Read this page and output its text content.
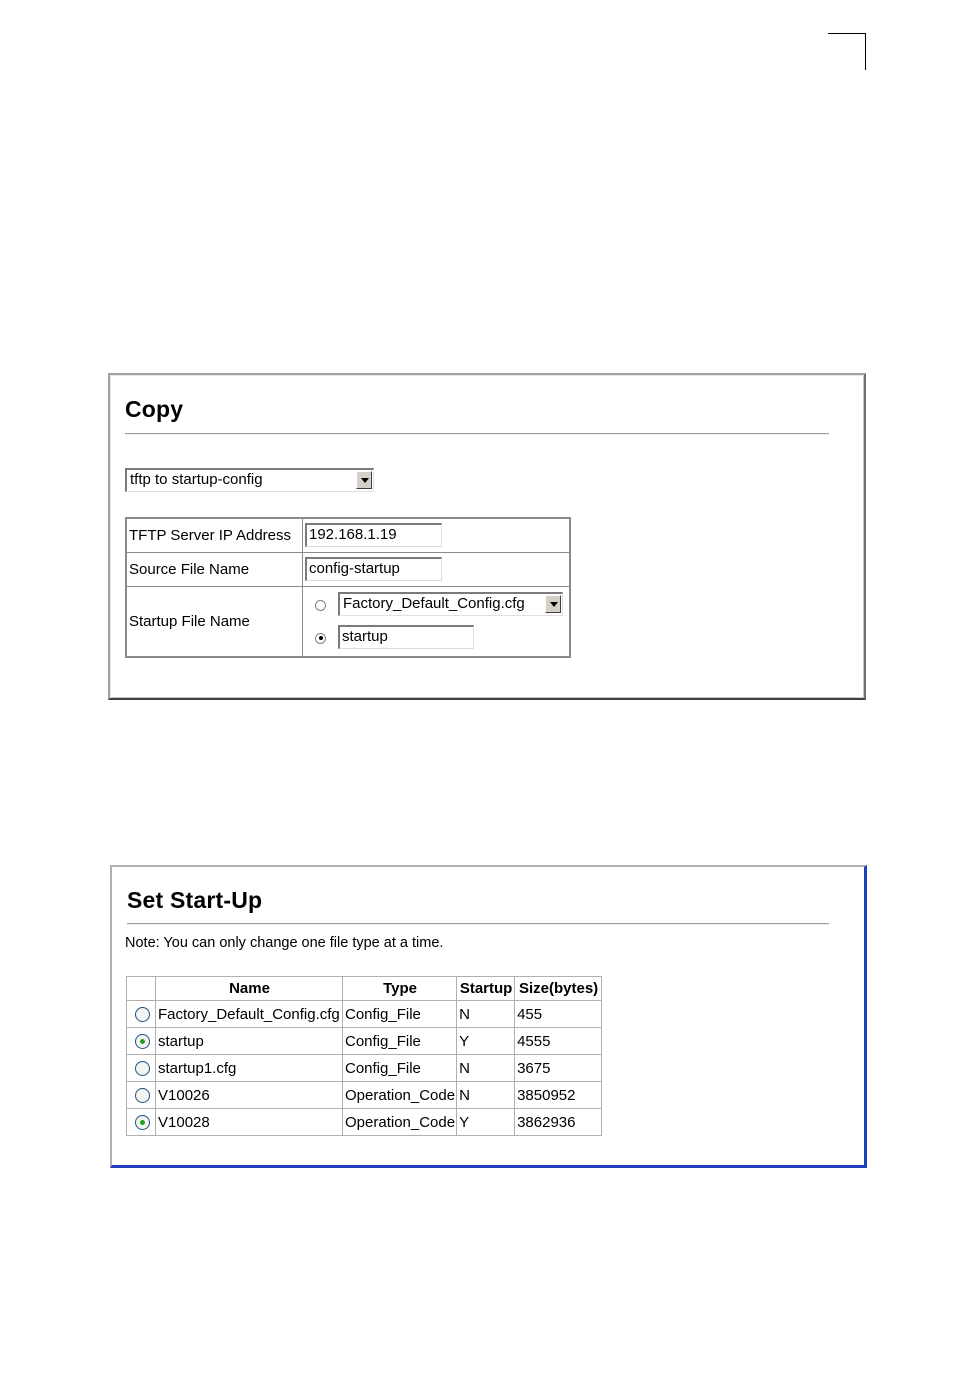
Copy
tftp to startup-config
TFTP Server IP Address	192.168.1.19

Source File Name	config-startup

Startup File Name	Factory_Default_Config.cfg
startup
Set Start-Up
Note: You can only change one file type at a time.
	Name	Type	Startup	Size(bytes)

	Factory_Default_Config.cfg	Config_File	N	455

	startup	Config_File	Y	4555

	startup1.cfg	Config_File	N	3675

	V10026	Operation_Code	N	3850952

	V10028	Operation_Code	Y	3862936
